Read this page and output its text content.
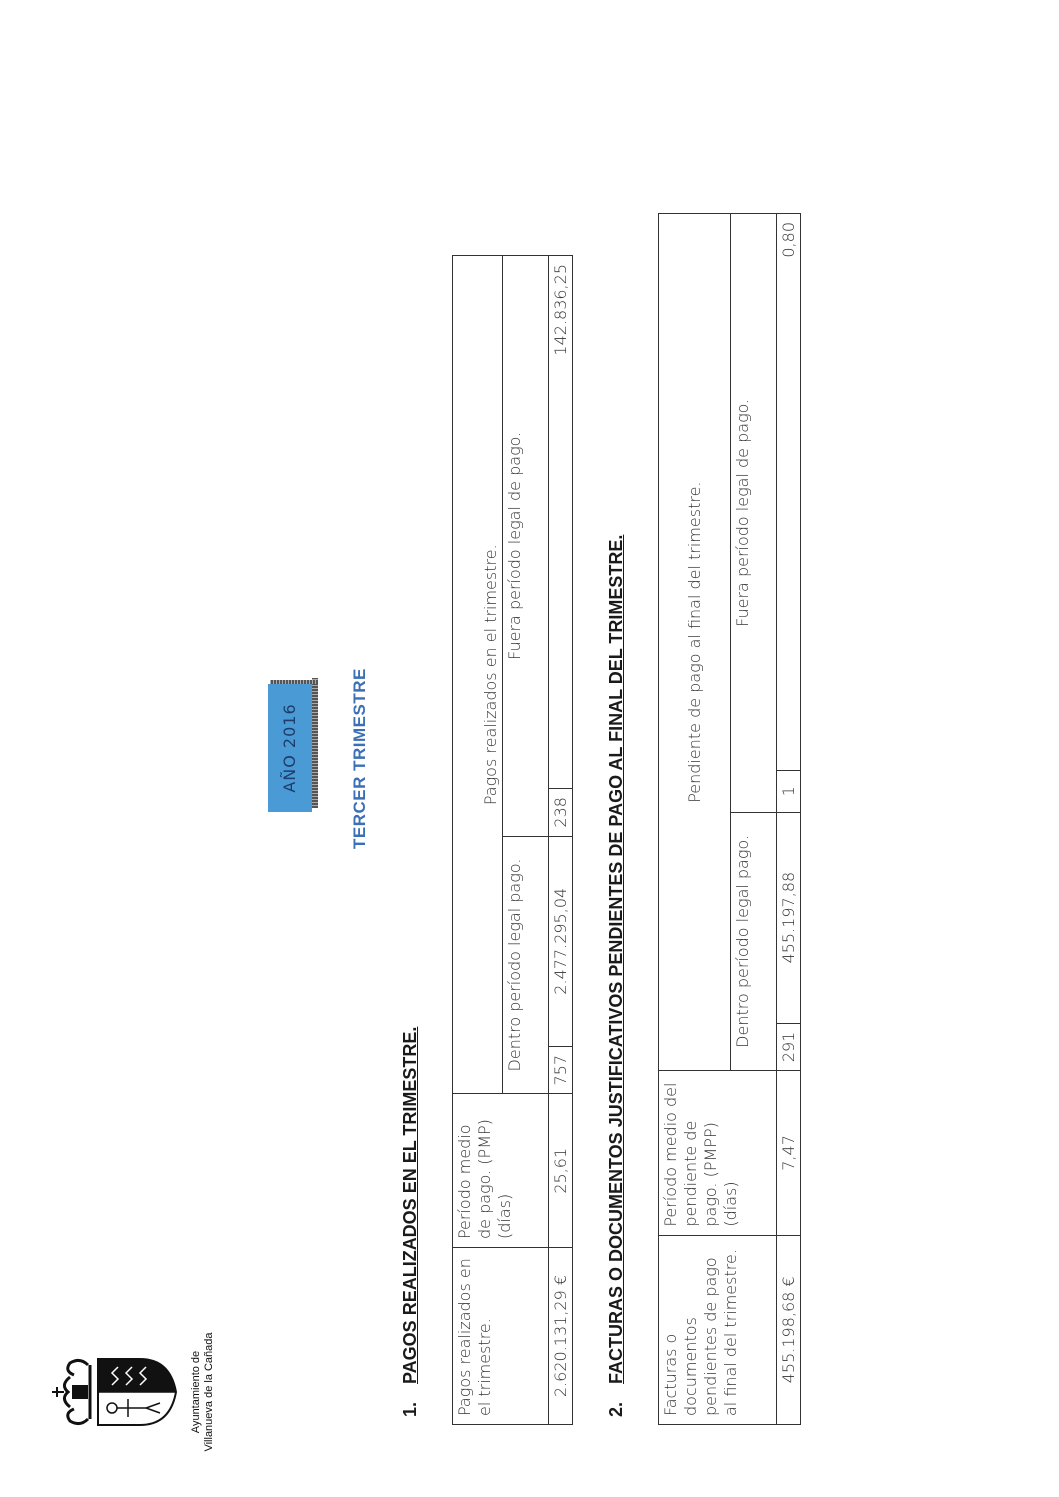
Ayuntamiento de Villanueva de la Cañada
AÑO 2016	TERCER TRIMESTRE
1. PAGOS REALIZADOS EN EL TRIMESTRE. Pagos realizados en el trimestre.	Período medio de pago. (PMP) (días)	Pagos realizados en el trimestre.			
		Dentro período legal pago.		Fuera período legal de pago.	
2.620.131,29 €	25,61	757	2.477.295,04	238	142.836,25
2. FACTURAS O DOCUMENTOS JUSTIFICATIVOS PENDIENTES DE PAGO AL FINAL DEL TRIMESTRE. Facturas o documentos pendientes de pago al final del trimestre.	Período medio del pendiente de pago. (PMPP) (días)	Pendiente de pago al final del trimestre.			
		Dentro período legal pago.		Fuera período legal de pago.	
455.198,68 €	7,47	291	455.197,88	1	0,80
